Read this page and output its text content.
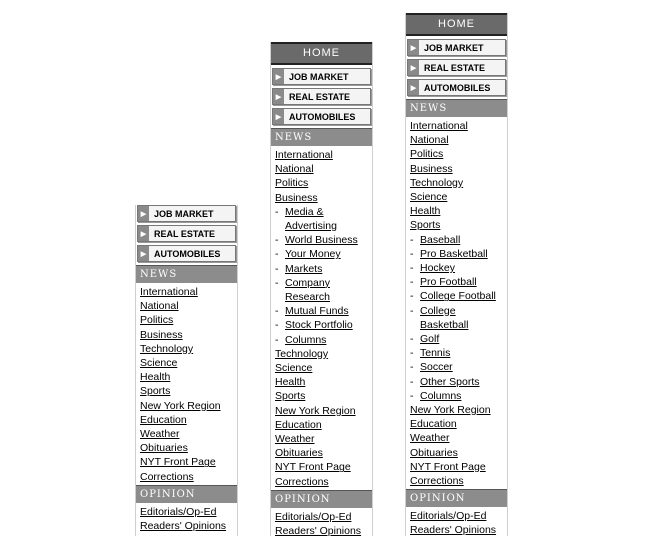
▶ JOB MARKET
▶ REAL ESTATE
▶ AUTOMOBILES
NEWS
International
National
Politics
Business
Technology
Science
Health
Sports
New York Region
Education
Weather
Obituaries
NYT Front Page
Corrections
OPINION
Editorials/Op-Ed
Readers' Opinions
HOME
▶ JOB MARKET
▶ REAL ESTATE
▶ AUTOMOBILES
NEWS
International
National
Politics
Business
- Media & Advertising
- World Business
- Your Money
- Markets
- Company Research
- Mutual Funds
- Stock Portfolio
- Columns
Technology
Science
Health
Sports
New York Region
Education
Weather
Obituaries
NYT Front Page
Corrections
OPINION
Editorials/Op-Ed
Readers' Opinions
HOME
▶ JOB MARKET
▶ REAL ESTATE
▶ AUTOMOBILES
NEWS
International
National
Politics
Business
Technology
Science
Health
Sports
- Baseball
- Pro Basketball
- Hockey
- Pro Football
- College Football
- College Basketball
- Golf
- Tennis
- Soccer
- Other Sports
- Columns
New York Region
Education
Weather
Obituaries
NYT Front Page
Corrections
OPINION
Editorials/Op-Ed
Readers' Opinions
